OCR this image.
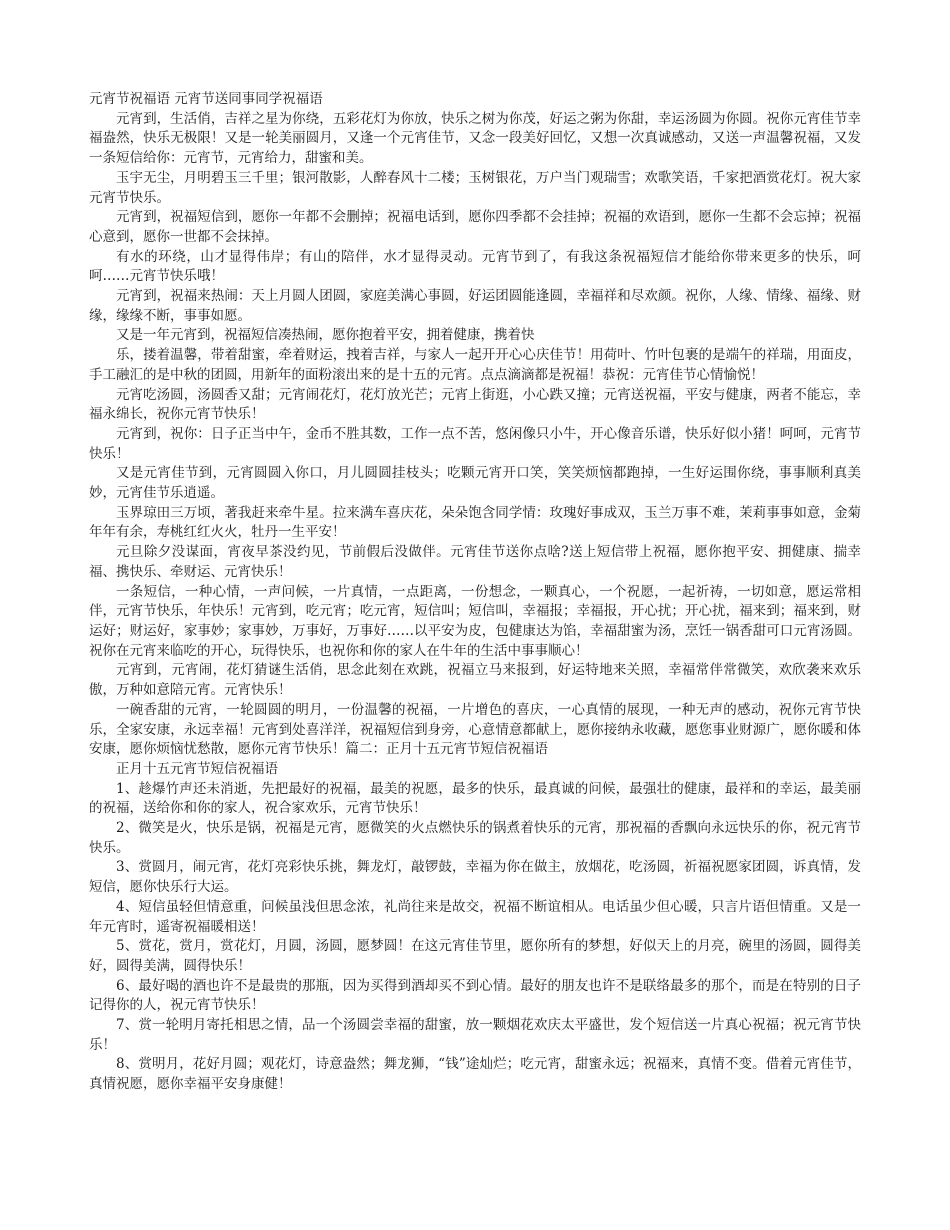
元宵节祝福语 元宵节送同事同学祝福语

元宵到，生活俏，吉祥之星为你绕，五彩花灯为你放，快乐之树为你茂，好运之粥为你甜，幸运汤圆为你圆。祝你元宵佳节幸福盎然，快乐无极限！又是一轮美丽圆月，又逢一个元宵佳节，又念一段美好回忆，又想一次真诚感动，又送一声温馨祝福，又发一条短信给你：元宵节，元宵给力，甜蜜和美。

玉宇无尘，月明碧玉三千里；银河散影，人醉春风十二楼；玉树银花，万户当门观瑞雪；欢歌笑语，千家把酒赏花灯。祝大家元宵节快乐。

元宵到，祝福短信到，愿你一年都不会删掉；祝福电话到，愿你四季都不会挂掉；祝福的欢语到，愿你一生都不会忘掉；祝福心意到，愿你一世都不会抹掉。

有水的环绕，山才显得伟岸；有山的陪伴，水才显得灵动。元宵节到了，有我这条祝福短信才能给你带来更多的快乐，呵呵……元宵节快乐哦！

元宵到，祝福来热闹：天上月圆人团圆，家庭美满心事圆，好运团圆能逢圆，幸福祥和尽欢颜。祝你，人缘、情缘、福缘、财缘，缘缘不断，事事如愿。

又是一年元宵到，祝福短信凑热闹，愿你抱着平安，拥着健康，携着快

乐，搂着温馨，带着甜蜜，牵着财运，拽着吉祥，与家人一起开开心心庆佳节！用荷叶、竹叶包裹的是端午的祥瑞，用面皮，手工融汇的是中秋的团圆，用新年的面粉滚出来的是十五的元宵。点点滴滴都是祝福！恭祝：元宵佳节心情愉悦！

元宵吃汤圆，汤圆香又甜；元宵闹花灯，花灯放光芒；元宵上街逛，小心跌又撞；元宵送祝福，平安与健康，两者不能忘，幸福永绵长，祝你元宵节快乐！

元宵到，祝你：日子正当中午，金币不胜其数，工作一点不苦，悠闲像只小牛，开心像音乐谱，快乐好似小猪！呵呵，元宵节快乐！

又是元宵佳节到，元宵圆圆入你口，月儿圆圆挂枝头；吃颗元宵开口笑，笑笑烦恼都跑掉，一生好运围你绕，事事顺利真美妙，元宵佳节乐逍遥。

玉界琼田三万顷，著我赶来牵牛星。拉来满车喜庆花，朵朵饱含同学情：玫瑰好事成双，玉兰万事不难，茉莉事事如意，金菊年年有余，寿桃红红火火，牡丹一生平安！

元旦除夕没谋面，宵夜早茶没约见，节前假后没做伴。元宵佳节送你点啥?送上短信带上祝福，愿你抱平安、拥健康、揣幸福、携快乐、牵财运、元宵快乐！

一条短信，一种心情，一声问候，一片真情，一点距离，一份想念，一颗真心，一个祝愿，一起祈祷，一切如意，愿运常相伴，元宵节快乐，年快乐！元宵到，吃元宵；吃元宵，短信叫；短信叫，幸福报；幸福报，开心扰；开心扰，福来到；福来到，财运好；财运好，家事妙；家事妙，万事好，万事好……以平安为皮，包健康达为馅，幸福甜蜜为汤，烹饪一锅香甜可口元宵汤圆。祝你在元宵来临吃的开心，玩得快乐，也祝你和你的家人在牛年的生活中事事顺心！

元宵到，元宵闹，花灯猜谜生活俏，思念此刻在欢跳，祝福立马来报到，好运特地来关照，幸福常伴常微笑，欢欣袭来欢乐傲，万种如意陪元宵。元宵快乐！

一碗香甜的元宵，一轮圆圆的明月，一份温馨的祝福，一片增色的喜庆，一心真情的展现，一种无声的感动，祝你元宵节快乐，全家安康，永远幸福！元宵到处喜洋洋，祝福短信到身旁，心意情意都献上，愿你接纳永收藏，愿您事业财源广，愿你暖和体安康，愿你烦恼忧愁散，愿你元宵节快乐！篇二：正月十五元宵节短信祝福语

正月十五元宵节短信祝福语

1、趁爆竹声还未消逝，先把最好的祝福，最美的祝愿，最多的快乐，最真诚的问候，最强壮的健康，最祥和的幸运，最美丽的祝福，送给你和你的家人，祝合家欢乐，元宵节快乐！

2、微笑是火，快乐是锅，祝福是元宵，愿微笑的火点燃快乐的锅煮着快乐的元宵，那祝福的香飘向永远快乐的你，祝元宵节快乐。

3、赏圆月，闹元宵，花灯亮彩快乐挑，舞龙灯，敲锣鼓，幸福为你在做主，放烟花，吃汤圆，祈福祝愿家团圆，诉真情，发短信，愿你快乐行大运。

4、短信虽轻但情意重，问候虽浅但思念浓，礼尚往来是故交，祝福不断谊相从。电话虽少但心暖，只言片语但情重。又是一年元宵时，遥寄祝福暖相送！

5、赏花，赏月，赏花灯，月圆，汤圆，愿梦圆！在这元宵佳节里，愿你所有的梦想，好似天上的月亮，碗里的汤圆，圆得美好，圆得美满，圆得快乐！

6、最好喝的酒也许不是最贵的那瓶，因为买得到酒却买不到心情。最好的朋友也许不是联络最多的那个，而是在特别的日子记得你的人，祝元宵节快乐！

7、赏一轮明月寄托相思之情，品一个汤圆尝幸福的甜蜜，放一颗烟花欢庆太平盛世，发个短信送一片真心祝福；祝元宵节快乐！

8、赏明月，花好月圆；观花灯，诗意盎然；舞龙狮，“钱”途灿烂；吃元宵，甜蜜永远；祝福来，真情不变。借着元宵佳节，真情祝愿，愿你幸福平安身康健！
